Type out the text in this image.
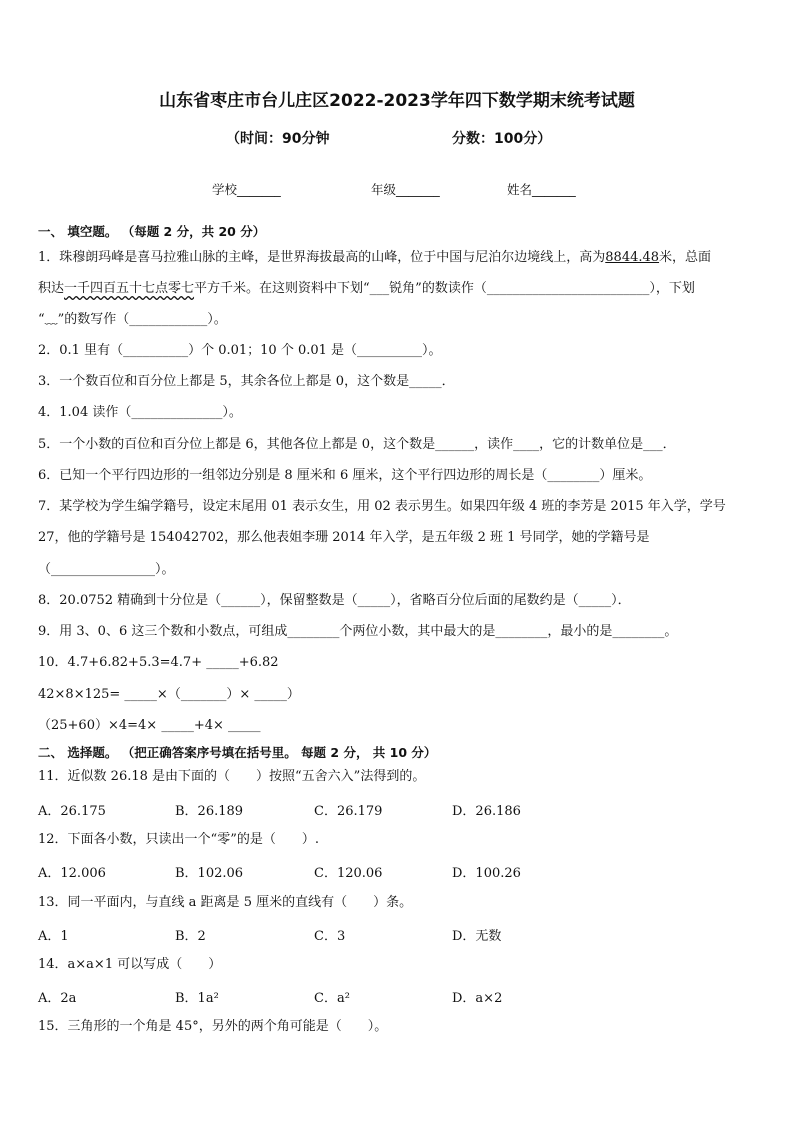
山东省枣庄市台儿庄区2022-2023学年四下数学期末统考试题
（时间：90分钟	分数：100分）
学校_______	年级_______	姓名_______
一、 填空题。 （每题 2 分，共 20 分）
1．珠穆朗玛峰是喜马拉雅山脉的主峰，是世界海拔最高的山峰，位于中国与尼泊尔边境线上，高为8844.48米，总面
积达一千四百五十七点零七平方千米。在这则资料中下划“___锐角”的数读作（_________________________），下划
“﹏”的数写作（____________）。
2．0.1 里有（__________）个 0.01；10 个 0.01 是（__________）。
3．一个数百位和百分位上都是 5，其余各位上都是 0，这个数是_____．
4．1.04 读作（______________）。
5．一个小数的百位和百分位上都是 6，其他各位上都是 0，这个数是______，读作____，它的计数单位是___．
6．已知一个平行四边形的一组邻边分别是 8 厘米和 6 厘米，这个平行四边形的周长是（________）厘米。
7．某学校为学生编学籍号，设定末尾用 01 表示女生，用 02 表示男生。如果四年级 4 班的李芳是 2015 年入学，学号
27，他的学籍号是 154042702，那么他表姐李珊 2014 年入学，是五年级 2 班 1 号同学，她的学籍号是
（________________）。
8．20.0752 精确到十分位是（______），保留整数是（_____），省略百分位后面的尾数约是（_____）．
9．用 3、0、6 这三个数和小数点，可组成________个两位小数，其中最大的是________，最小的是________。
10．4.7+6.82+5.3=4.7+ _____+6.82
42×8×125= _____×（_______）× _____）
（25+60）×4=4× _____+4× _____
二、 选择题。 （把正确答案序号填在括号里。 每题 2 分， 共 10 分）
11．近似数 26.18 是由下面的（　　）按照“五舍六入”法得到的。
A．26.175	B．26.189	C．26.179	D．26.186
12．下面各小数，只读出一个“零”的是（　　）.
A．12.006	B．102.06	C．120.06	D．100.26
13．同一平面内，与直线 a 距离是 5 厘米的直线有（　　）条。
A．1	B．2	C．3	D．无数
14．a×a×1 可以写成（　　）
A．2a	B．1a²	C．a²	D．a×2
15．三角形的一个角是 45°，另外的两个角可能是（　　）。
